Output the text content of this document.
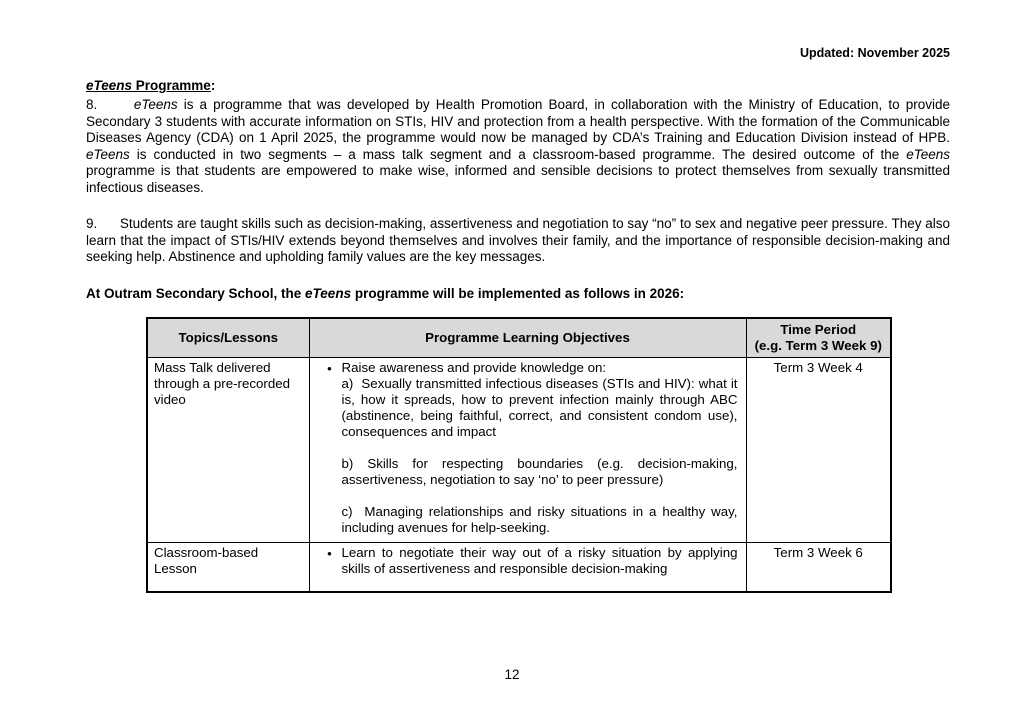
Updated: November 2025
eTeens Programme:
8.      eTeens is a programme that was developed by Health Promotion Board, in collaboration with the Ministry of Education, to provide Secondary 3 students with accurate information on STIs, HIV and protection from a health perspective. With the formation of the Communicable Diseases Agency (CDA) on 1 April 2025, the programme would now be managed by CDA’s Training and Education Division instead of HPB. eTeens is conducted in two segments – a mass talk segment and a classroom-based programme. The desired outcome of the eTeens programme is that students are empowered to make wise, informed and sensible decisions to protect themselves from sexually transmitted infectious diseases.
9.      Students are taught skills such as decision-making, assertiveness and negotiation to say “no” to sex and negative peer pressure. They also learn that the impact of STIs/HIV extends beyond themselves and involves their family, and the importance of responsible decision-making and seeking help. Abstinence and upholding family values are the key messages.
At Outram Secondary School, the eTeens programme will be implemented as follows in 2026:
Topics/Lessons	Programme Learning Objectives	Time Period
(e.g. Term 3 Week 9)

Mass Talk delivered through a pre-recorded video	• Raise awareness and provide knowledge on:
a)  Sexually transmitted infectious diseases (STIs and HIV): what it is, how it spreads, how to prevent infection mainly through ABC (abstinence, being faithful, correct, and consistent condom use), consequences and impact
b) Skills for respecting boundaries (e.g. decision-making, assertiveness, negotiation to say ‘no’ to peer pressure)
c)  Managing relationships and risky situations in a healthy way, including avenues for help-seeking.	Term 3 Week 4
Classroom-based Lesson	• Learn to negotiate their way out of a risky situation by applying skills of assertiveness and responsible decision-making	Term 3 Week 6
12
